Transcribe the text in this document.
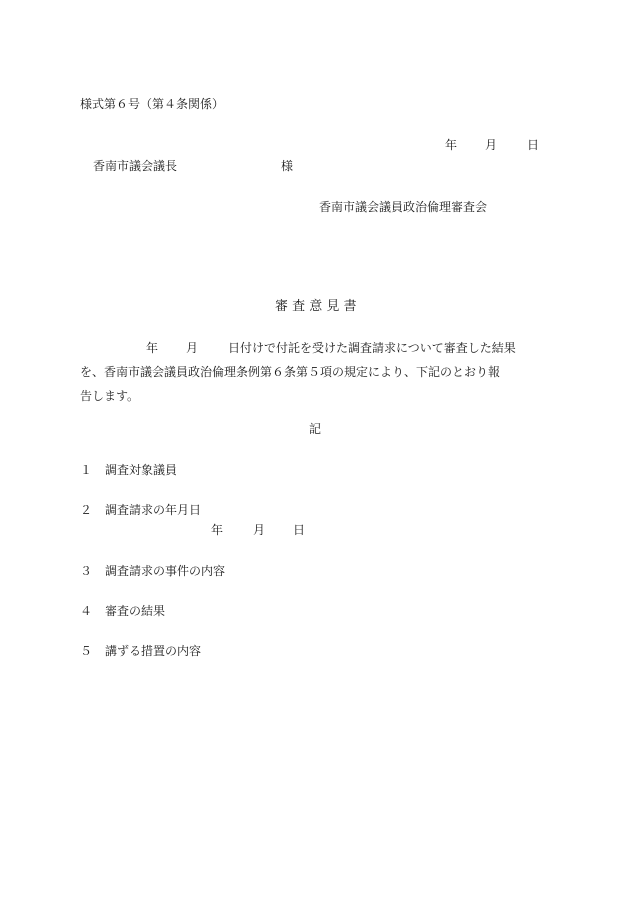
様式第６号（第４条関係）
年 月 日
香南市議会議長	様
香南市議会議員政治倫理審査会
審 査 意 見 書
年 月 日付けで付託を受けた調査請求について審査した結果
を、香南市議会議員政治倫理条例第６条第５項の規定により、下記のとおり報
告します。
記
１ 調査対象議員
２ 調査請求の年月日
年 月 日
３ 調査請求の事件の内容
４ 審査の結果
５ 講ずる措置の内容
